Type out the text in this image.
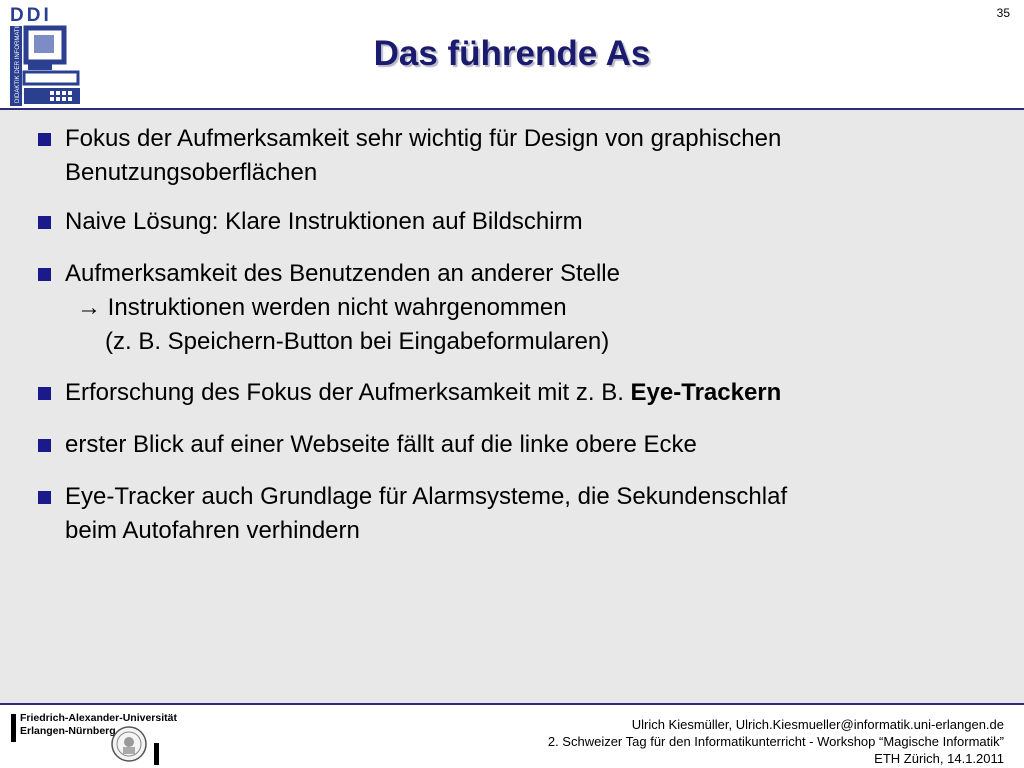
DDI
DIDAKTIK DER INFORMATIK
35
Das führende As
Fokus der Aufmerksamkeit sehr wichtig für Design von graphischen
Benutzungsoberflächen
Naive Lösung: Klare Instruktionen auf Bildschirm
Aufmerksamkeit des Benutzenden an anderer Stelle
→ Instruktionen werden nicht wahrgenommen
(z. B. Speichern-Button bei Eingabeformularen)
Erforschung des Fokus der Aufmerksamkeit mit z. B. Eye-Trackern
erster Blick auf einer Webseite fällt auf die linke obere Ecke
Eye-Tracker auch Grundlage für Alarmsysteme, die Sekundenschlaf
beim Autofahren verhindern
Friedrich-Alexander-Universität
Erlangen-Nürnberg	Ulrich Kiesmüller, Ulrich.Kiesmueller@informatik.uni-erlangen.de
2. Schweizer Tag für den Informatikunterricht - Workshop “Magische Informatik”
ETH Zürich, 14.1.2011
